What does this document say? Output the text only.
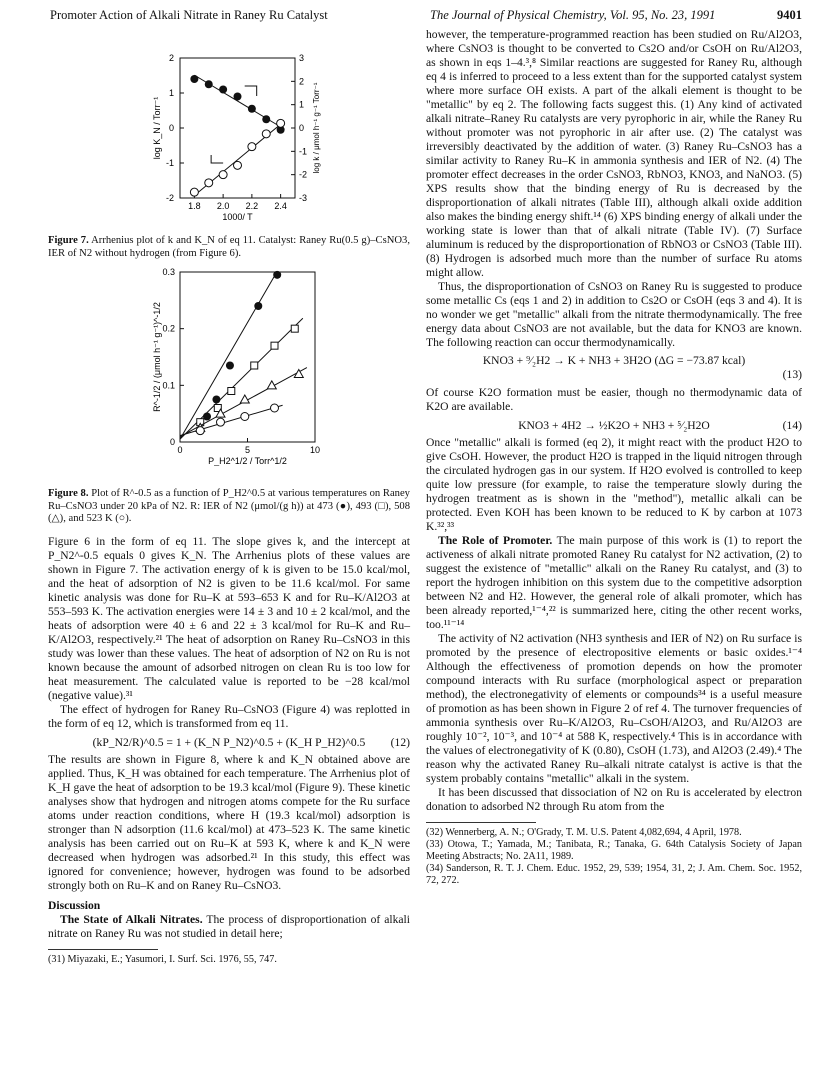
Promoter Action of Alkali Nitrate in Raney Ru Catalyst	The Journal of Physical Chemistry, Vol. 95, No. 23, 1991	9401
2
1
0
-1
-2
3
2
1
0
-1
-2
-3
1.8 2.0 2.2 2.4
1000/ T
log K_N / Torr⁻¹	log k / μmol h⁻¹ g⁻¹ Torr⁻¹
Figure 7. Arrhenius plot of k and K_N of eq 11. Catalyst: Raney Ru(0.5 g)–CsNO3, IER of N2 without hydrogen (from Figure 6).
0.3
0.2
0.1
0
0	5	10
P_H2^1/2 / Torr^1/2
R^-1/2 / (μmol h⁻¹ g⁻¹)^-1/2
Figure 8. Plot of R^-0.5 as a function of P_H2^0.5 at various temperatures on Raney Ru–CsNO3 under 20 kPa of N2. R: IER of N2 (μmol/(g h)) at 473 (●), 493 (□), 508 (△), and 523 K (○).

Figure 6 in the form of eq 11. The slope gives k, and the intercept at P_N2^-0.5 equals 0 gives K_N. The Arrhenius plots of these values are shown in Figure 7. The activation energy of k is given to be 15.0 kcal/mol, and the heat of adsorption of N2 is given to be 11.6 kcal/mol. For same kinetic analysis was done for Ru–K at 593–653 K and for Ru–K/Al2O3 at 553–593 K. The activation energies were 14 ± 3 and 10 ± 2 kcal/mol, and the heats of adsorption were 40 ± 6 and 22 ± 3 kcal/mol for Ru–K and Ru–K/Al2O3, respectively.²¹ The heat of adsorption on Raney Ru–CsNO3 in this study was lower than these values. The heat of adsorption of N2 on Ru is not known because the amount of adsorbed nitrogen on clean Ru is too low for heat measurement. The calculated value is reported to be −28 kcal/mol (negative value).³¹

The effect of hydrogen for Raney Ru–CsNO3 (Figure 4) was replotted in the form of eq 12, which is transformed from eq 11.

(kP_N2/R)^0.5 = 1 + (K_N P_N2)^0.5 + (K_H P_H2)^0.5 (12)

The results are shown in Figure 8, where k and K_N obtained above are applied. Thus, K_H was obtained for each temperature. The Arrhenius plot of K_H gave the heat of adsorption to be 19.3 kcal/mol (Figure 9). These kinetic analyses show that hydrogen and nitrogen atoms compete for the Ru surface atoms under reaction conditions, where H (19.3 kcal/mol) adsorption is stronger than N adsorption (11.6 kcal/mol) at 473–523 K. The same kinetic analysis has been carried out on Ru–K at 593 K, where k and K_N were decreased when hydrogen was adsorbed.²¹ In this study, this effect was ignored for convenience; however, hydrogen was found to be adsorbed strongly both on Ru–K and on Raney Ru–CsNO3.

Discussion

The State of Alkali Nitrates. The process of disproportionation of alkali nitrate on Raney Ru was not studied in detail here;

(31) Miyazaki, E.; Yasumori, I. Surf. Sci. 1976, 55, 747.

however, the temperature-programmed reaction has been studied on Ru/Al2O3, where CsNO3 is thought to be converted to Cs2O and/or CsOH on Ru/Al2O3, as shown in eqs 1–4.³,⁸ Similar reactions are suggested for Raney Ru, although eq 4 is inferred to proceed to a less extent than for the supported catalyst system where more surface OH exists. A part of the alkali element is thought to be "metallic" by eq 2. The following facts suggest this. (1) Any kind of activated alkali nitrate–Raney Ru catalysts are very pyrophoric in air, while the Raney Ru without promoter was not pyrophoric in air after use. (2) The catalyst was irreversibly deactivated by the addition of water. (3) Raney Ru–CsNO3 has a similar activity to Raney Ru–K in ammonia synthesis and IER of N2. (4) The promoter effect decreases in the order CsNO3, RbNO3, KNO3, and NaNO3. (5) XPS results show that the binding energy of Ru is decreased by the disproportionation of alkali nitrates (Table III), although alkali oxide addition also makes the binding energy shift.¹⁴ (6) XPS binding energy of alkali under the working state is lower than that of alkali nitrate (Table IV). (7) Surface aluminum is reduced by the disproportionation of RbNO3 or CsNO3 (Table III). (8) Hydrogen is adsorbed much more than the number of surface Ru atoms might allow.

Thus, the disproportionation of CsNO3 on Raney Ru is suggested to produce some metallic Cs (eqs 1 and 2) in addition to Cs2O or CsOH (eqs 3 and 4). It is no wonder we get "metallic" alkali from the nitrate thermodynamically. The free energy data about CsNO3 are not available, but the data for KNO3 are known. The following reaction can occur thermodynamically.

KNO3 + ⁹⁄₂H2 → K + NH3 + 3H2O (ΔG = −73.87 kcal)
(13)

Of course K2O formation must be easier, though no thermodynamic data of K2O are available.

KNO3 + 4H2 → ½K2O + NH3 + ⁵⁄₂H2O	(14)

Once "metallic" alkali is formed (eq 2), it might react with the product H2O to give CsOH. However, the product H2O is trapped in the liquid nitrogen through the circulated hydrogen gas in our system. If H2O evolved is controlled to keep quite low pressure (for example, to raise the temperature slowly during the hydrogen treatment as is shown in the "method"), metallic alkali can be protected. Even KOH has been known to be reduced to K by carbon at 1073 K.³²,³³

The Role of Promoter. The main purpose of this work is (1) to report the activeness of alkali nitrate promoted Raney Ru catalyst for N2 activation, (2) to suggest the existence of "metallic" alkali on the Raney Ru catalyst, and (3) to report the hydrogen inhibition on this system due to the competitive adsorption between N2 and H2. However, the general role of alkali promoter, which has been already reported,¹⁻⁴,²² is summarized here, citing the other recent works, too.¹¹⁻¹⁴

The activity of N2 activation (NH3 synthesis and IER of N2) on Ru surface is promoted by the presence of electropositive elements or basic oxides.¹⁻⁴ Although the effectiveness of promotion depends on how the promoter compound interacts with Ru surface (morphological aspect or preparation method), the electronegativity of elements or compounds³⁴ is a useful measure of promotion as has been shown in Figure 2 of ref 4. The turnover frequencies of ammonia synthesis over Ru–K/Al2O3, Ru–CsOH/Al2O3, and Ru/Al2O3 are roughly 10⁻², 10⁻³, and 10⁻⁴ at 588 K, respectively.⁴ This is in accordance with the values of electronegativity of K (0.80), CsOH (1.73), and Al2O3 (2.49).⁴ The reason why the activated Raney Ru–alkali nitrate catalyst is active is that the system probably contains "metallic" alkali in the system.

It has been discussed that dissociation of N2 on Ru is accelerated by electron donation to adsorbed N2 through Ru atom from the

(32) Wennerberg, A. N.; O'Grady, T. M. U.S. Patent 4,082,694, 4 April, 1978.

(33) Otowa, T.; Yamada, M.; Tanibata, R.; Tanaka, G. 64th Catalysis Society of Japan Meeting Abstracts; No. 2A11, 1989.

(34) Sanderson, R. T. J. Chem. Educ. 1952, 29, 539; 1954, 31, 2; J. Am. Chem. Soc. 1952, 72, 272.
